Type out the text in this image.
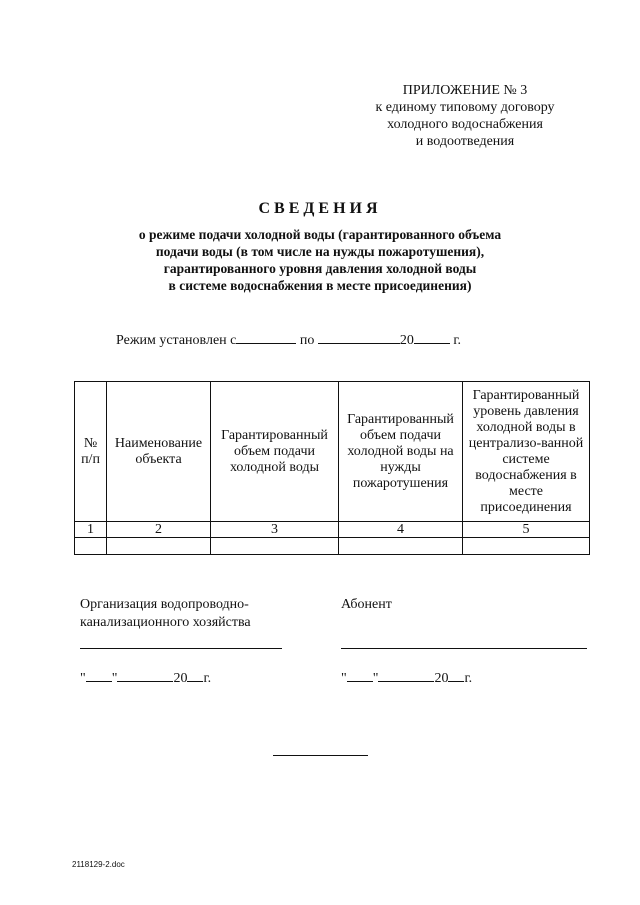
ПРИЛОЖЕНИЕ № 3
к единому типовому договору
холодного водоснабжения
и водоотведения
СВЕДЕНИЯ
о режиме подачи холодной воды (гарантированного объема
подачи воды (в том числе на нужды пожаротушения),
гарантированного уровня давления холодной воды
в системе водоснабжения в месте присоединения)
Режим установлен с	по	20	г.
№ п/п	Наименование объекта	Гарантированный объем подачи холодной воды	Гарантированный объем подачи холодной воды на нужды пожаротушения	Гарантированный уровень давления холодной воды в централизо-ванной системе водоснабжения в месте присоединения
1	2	3	4	5

Организация водопроводно-
канализационного хозяйства
Абонент
" "	20 г.	" "	20 г.
2118129-2.doc
